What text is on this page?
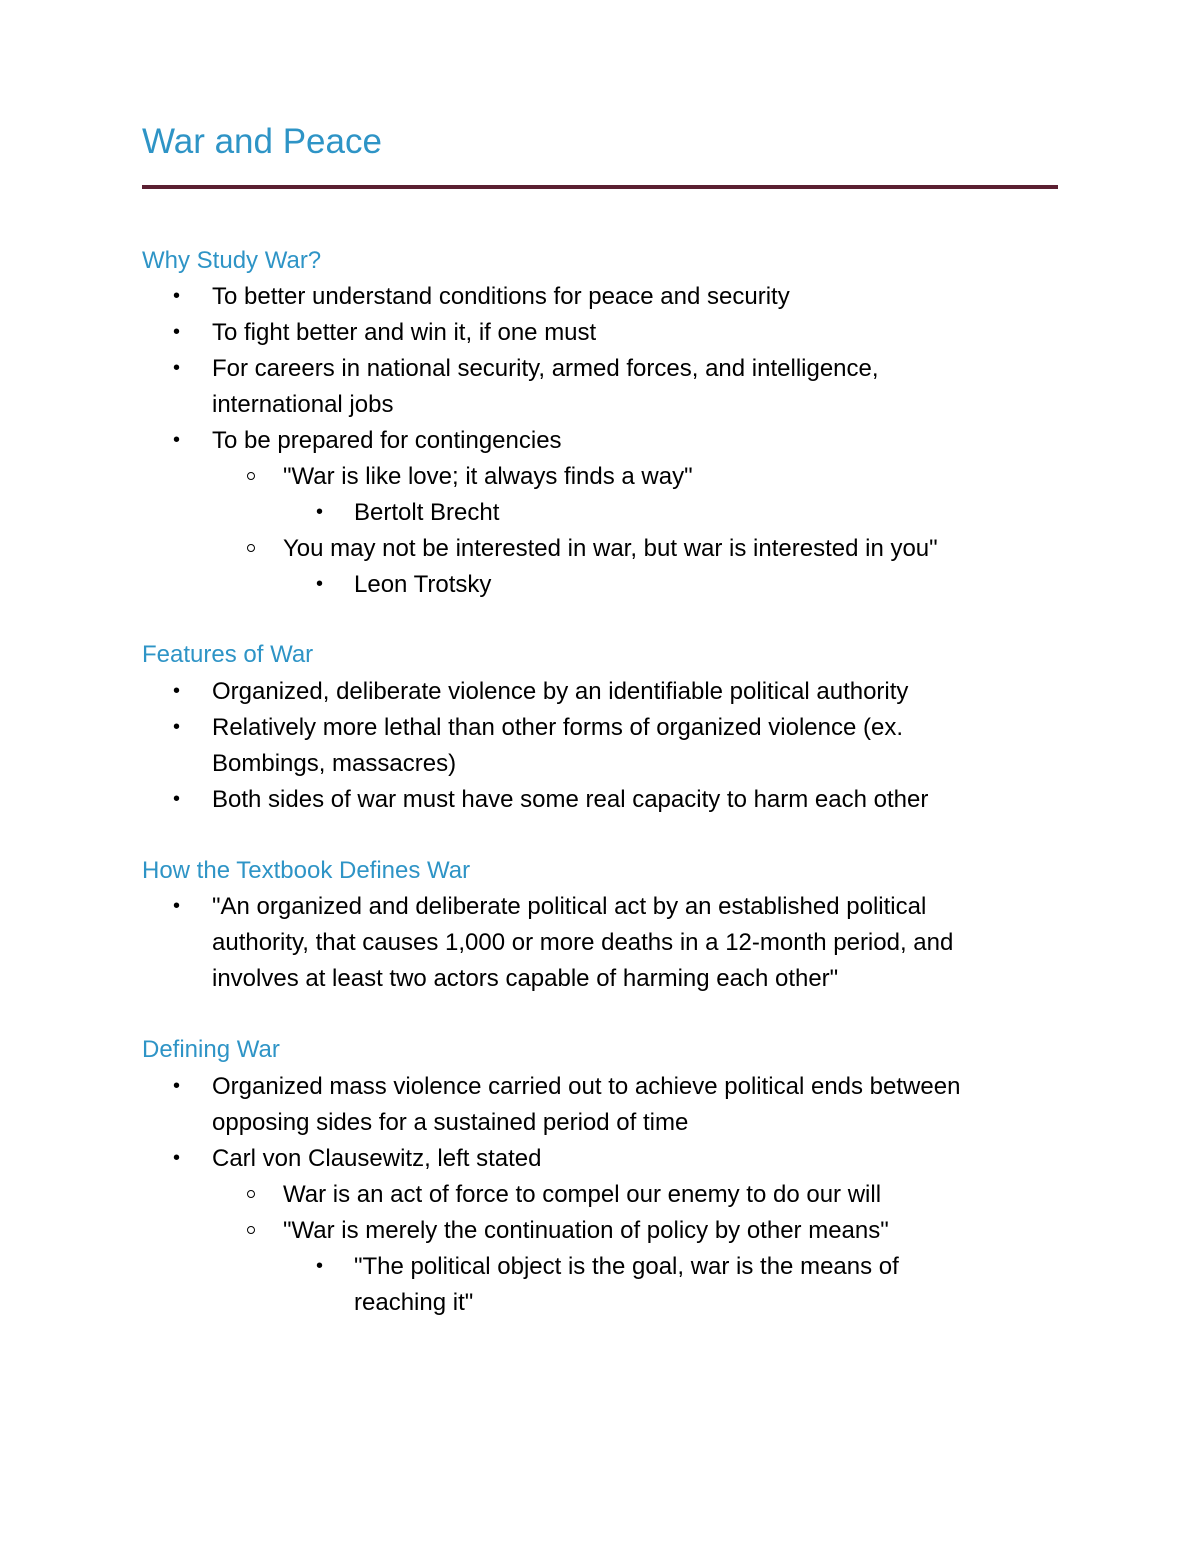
War and Peace
Why Study War?
• To better understand conditions for peace and security
• To fight better and win it, if one must
• For careers in national security, armed forces, and intelligence,
international jobs
• To be prepared for contingencies
"War is like love; it always finds a way"
• Bertolt Brecht
You may not be interested in war, but war is interested in you"
• Leon Trotsky
Features of War
• Organized, deliberate violence by an identifiable political authority
• Relatively more lethal than other forms of organized violence (ex.
Bombings, massacres)
• Both sides of war must have some real capacity to harm each other
How the Textbook Defines War
• "An organized and deliberate political act by an established political
authority, that causes 1,000 or more deaths in a 12-month period, and
involves at least two actors capable of harming each other"
Defining War
• Organized mass violence carried out to achieve political ends between
opposing sides for a sustained period of time
• Carl von Clausewitz, left stated
War is an act of force to compel our enemy to do our will
"War is merely the continuation of policy by other means"
• "The political object is the goal, war is the means of
reaching it"
